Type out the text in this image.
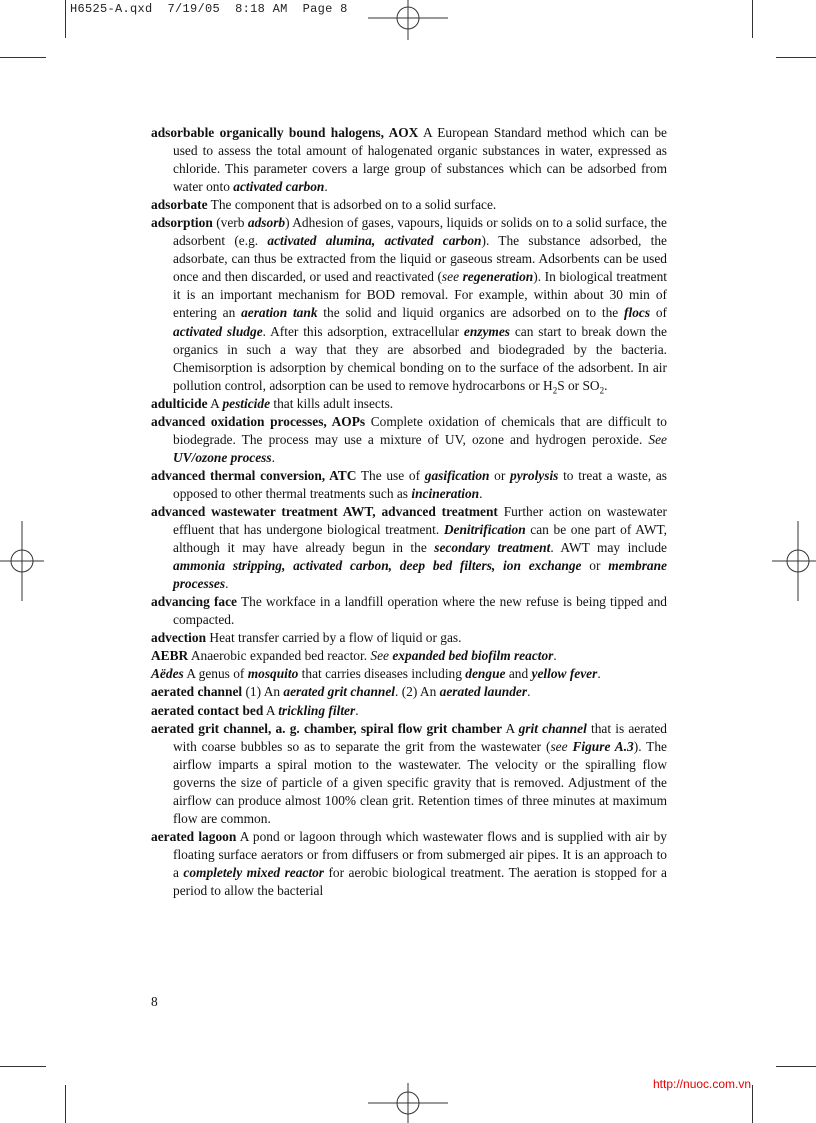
H6525-A.qxd 7/19/05 8:18 AM Page 8

adsorbable organically bound halogens, AOX A European Standard method which can be used to assess the total amount of halogenated organic substances in water, expressed as chloride. This parameter covers a large group of substances which can be adsorbed from water onto activated carbon.

adsorbate The component that is adsorbed on to a solid surface.

adsorption (verb adsorb) Adhesion of gases, vapours, liquids or solids on to a solid surface, the adsorbent (e.g. activated alumina, activated carbon). The substance adsorbed, the adsorbate, can thus be extracted from the liquid or gaseous stream. Adsorbents can be used once and then discarded, or used and reactivated (see regeneration). In biological treatment it is an important mechanism for BOD removal. For example, within about 30 min of entering an aeration tank the solid and liquid organics are adsorbed on to the flocs of activated sludge. After this adsorption, extracellular enzymes can start to break down the organics in such a way that they are absorbed and biodegraded by the bacteria. Chemisorption is adsorption by chemical bonding on to the surface of the adsorbent. In air pollution control, adsorption can be used to remove hydrocarbons or $H_2S$ or $SO_2$.

adulticide A pesticide that kills adult insects.

advanced oxidation processes, AOPs Complete oxidation of chemicals that are difficult to biodegrade. The process may use a mixture of UV, ozone and hydrogen peroxide. See UV/ozone process.

advanced thermal conversion, ATC The use of gasification or pyrolysis to treat a waste, as opposed to other thermal treatments such as incineration.

advanced wastewater treatment AWT, advanced treatment Further action on wastewater effluent that has undergone biological treatment. Denitrification can be one part of AWT, although it may have already begun in the secondary treatment. AWT may include ammonia stripping, activated carbon, deep bed filters, ion exchange or membrane processes.

advancing face The workface in a landfill operation where the new refuse is being tipped and compacted.

advection Heat transfer carried by a flow of liquid or gas.

AEBR Anaerobic expanded bed reactor. See expanded bed biofilm reactor.

Aëdes A genus of mosquito that carries diseases including dengue and yellow fever.

aerated channel (1) An aerated grit channel. (2) An aerated launder.

aerated contact bed A trickling filter.

aerated grit channel, a. g. chamber, spiral flow grit chamber A grit channel that is aerated with coarse bubbles so as to separate the grit from the wastewater (see Figure A.3). The airflow imparts a spiral motion to the wastewater. The velocity or the spiralling flow governs the size of particle of a given specific gravity that is removed. Adjustment of the airflow can produce almost 100% clean grit. Retention times of three minutes at maximum flow are common.

aerated lagoon A pond or lagoon through which wastewater flows and is supplied with air by floating surface aerators or from diffusers or from submerged air pipes. It is an approach to a completely mixed reactor for aerobic biological treatment. The aeration is stopped for a period to allow the bacterial

8
http://nuoc.com.vn
